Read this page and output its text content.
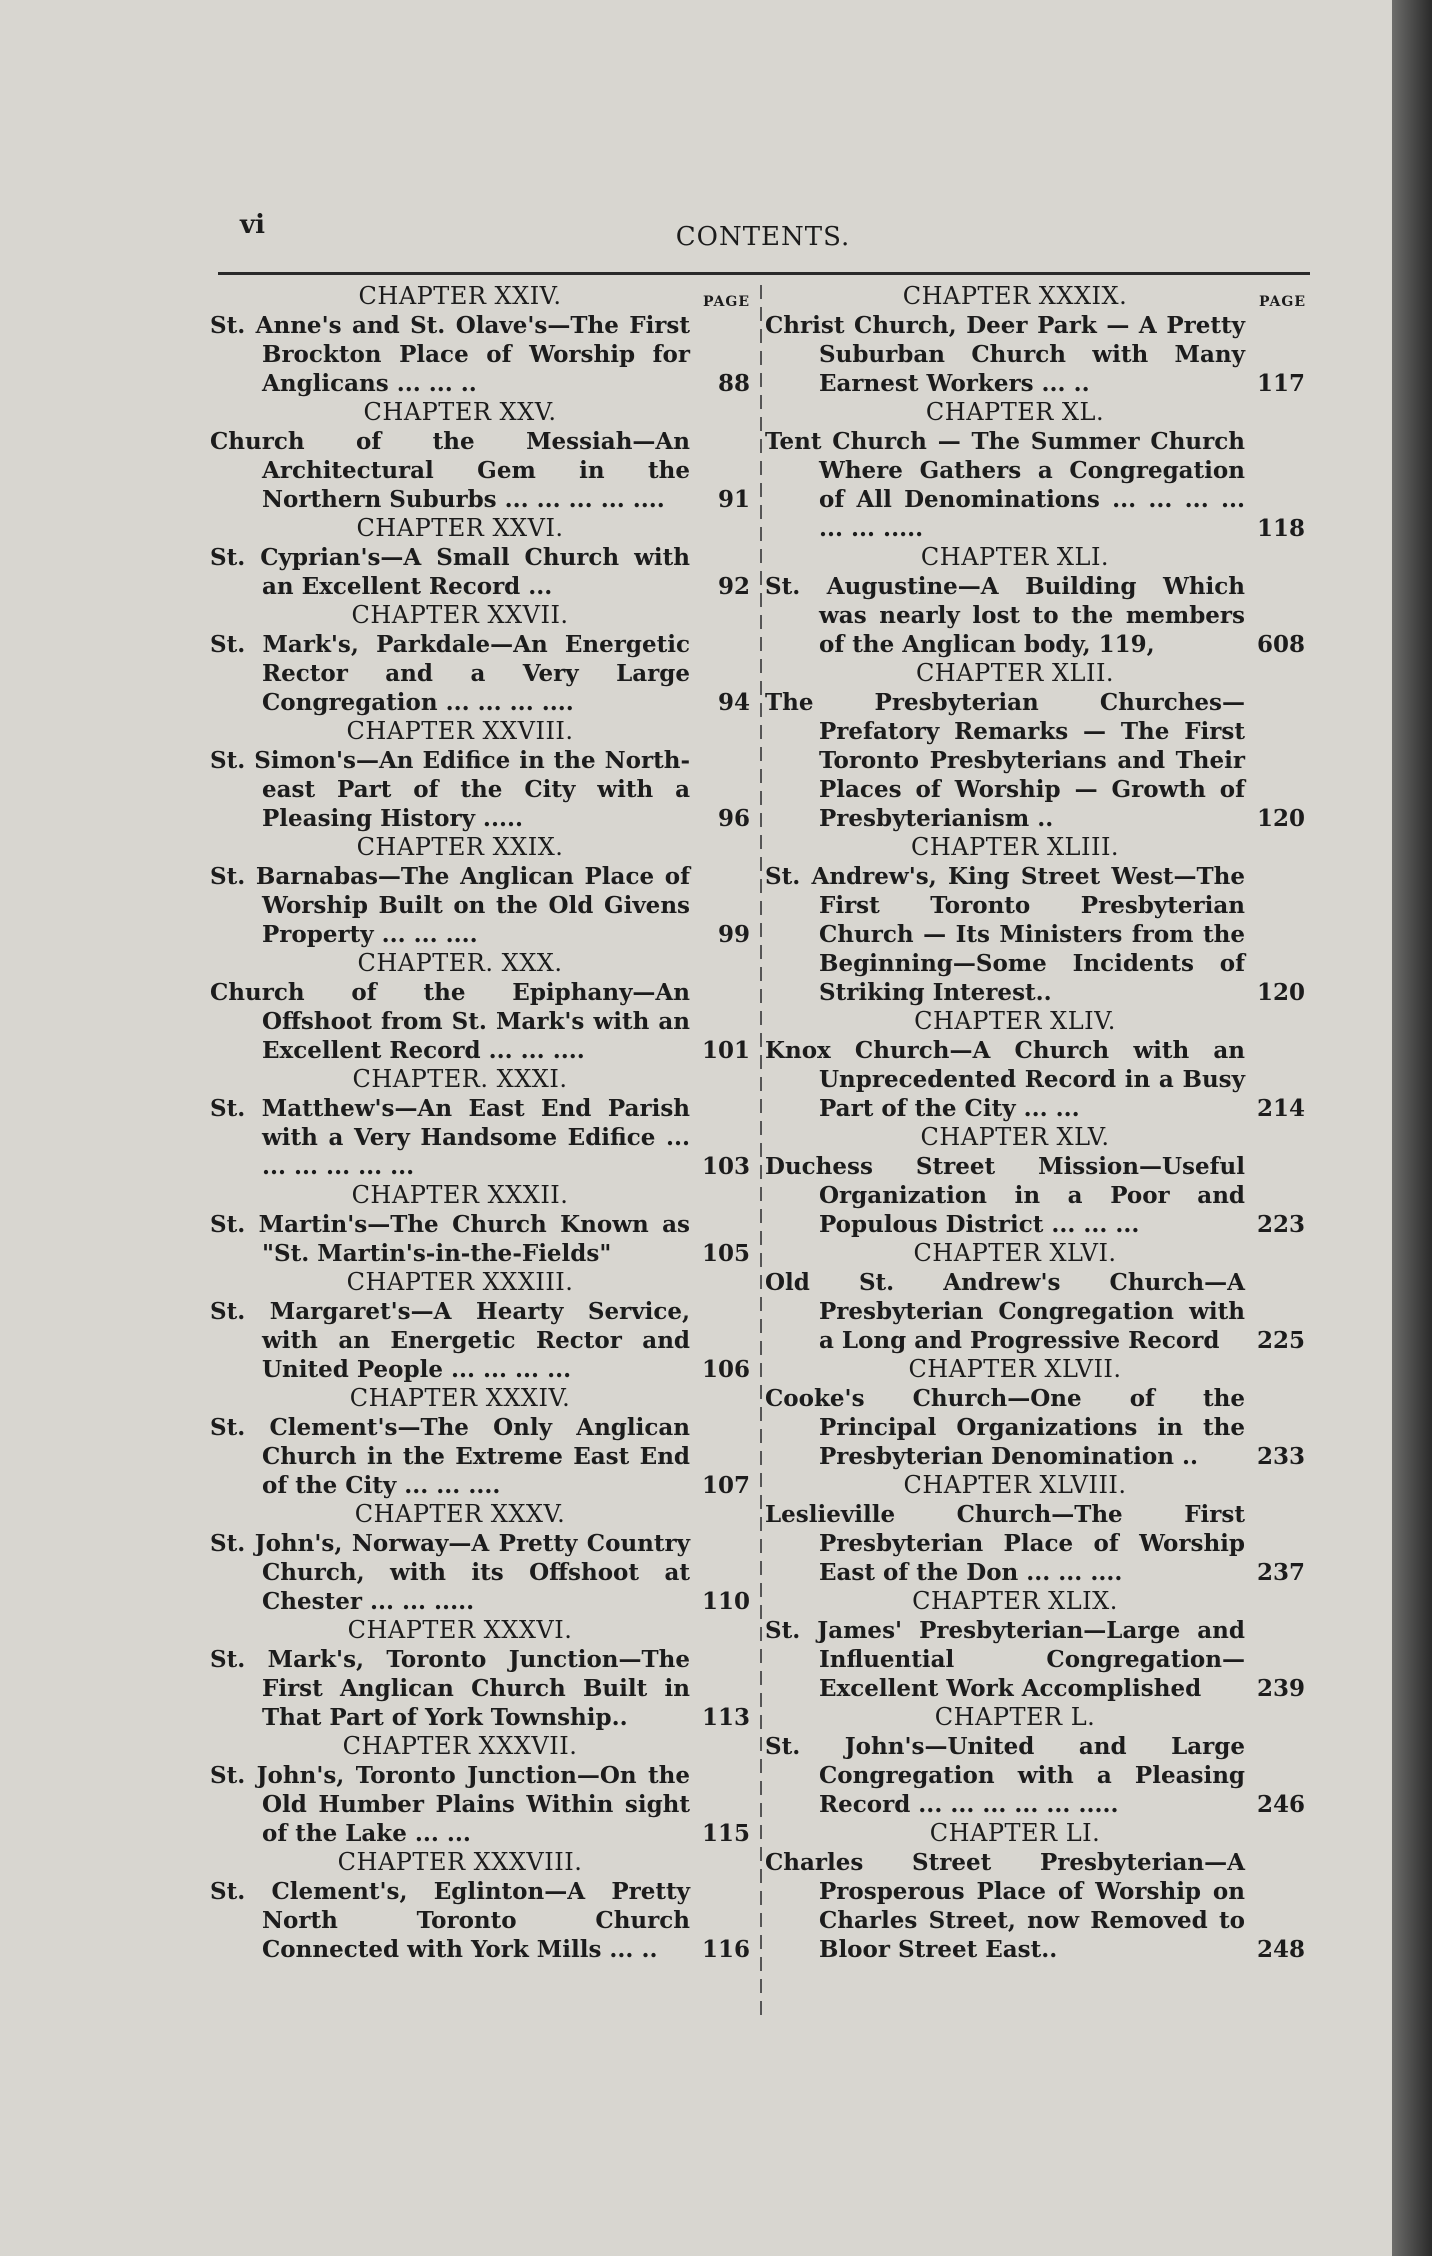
vi	CONTENTS.
PAGE
CHAPTER XXIV.
St. Anne's and St. Olave's—The First Brockton Place of Worship for Anglicans ... ... ..	88
CHAPTER XXV.
Church of the Messiah—An Architectural Gem in the Northern Suburbs ... ... ... ... ....	91
CHAPTER XXVI.
St. Cyprian's—A Small Church with an Excellent Record ...	92
CHAPTER XXVII.
St. Mark's, Parkdale—An Energetic Rector and a Very Large Congregation ... ... ... ....	94
CHAPTER XXVIII.
St. Simon's—An Edifice in the North-east Part of the City with a Pleasing History .....	96
CHAPTER XXIX.
St. Barnabas—The Anglican Place of Worship Built on the Old Givens Property ... ... ....	99
CHAPTER. XXX.
Church of the Epiphany—An Offshoot from St. Mark's with an Excellent Record ... ... ....	101
CHAPTER. XXXI.
St. Matthew's—An East End Parish with a Very Handsome Edifice ... ... ... ... ... ...	103
CHAPTER XXXII.
St. Martin's—The Church Known as "St. Martin's-in-the-Fields"	105
CHAPTER XXXIII.
St. Margaret's—A Hearty Service, with an Energetic Rector and United People ... ... ... ...	106
CHAPTER XXXIV.
St. Clement's—The Only Anglican Church in the Extreme East End of the City ... ... ....	107
CHAPTER XXXV.
St. John's, Norway—A Pretty Country Church, with its Offshoot at Chester ... ... .....	110
CHAPTER XXXVI.
St. Mark's, Toronto Junction—The First Anglican Church Built in That Part of York Township..	113
CHAPTER XXXVII.
St. John's, Toronto Junction—On the Old Humber Plains Within sight of the Lake ... ...	115
CHAPTER XXXVIII.
St. Clement's, Eglinton—A Pretty North Toronto Church Connected with York Mills ... ..	116
PAGE
CHAPTER XXXIX.
Christ Church, Deer Park — A Pretty Suburban Church with Many Earnest Workers ... ..	117
CHAPTER XL.
Tent Church — The Summer Church Where Gathers a Congregation of All Denominations ... ... ... ... ... ... .....	118
CHAPTER XLI.
St. Augustine—A Building Which was nearly lost to the members of the Anglican body, 119,	608
CHAPTER XLII.
The Presbyterian Churches—Prefatory Remarks — The First Toronto Presbyterians and Their Places of Worship — Growth of Presbyterianism ..	120
CHAPTER XLIII.
St. Andrew's, King Street West—The First Toronto Presbyterian Church — Its Ministers from the Beginning—Some Incidents of Striking Interest..	120
CHAPTER XLIV.
Knox Church—A Church with an Unprecedented Record in a Busy Part of the City ... ...	214
CHAPTER XLV.
Duchess Street Mission—Useful Organization in a Poor and Populous District ... ... ...	223
CHAPTER XLVI.
Old St. Andrew's Church—A Presbyterian Congregation with a Long and Progressive Record	225
CHAPTER XLVII.
Cooke's Church—One of the Principal Organizations in the Presbyterian Denomination ..	233
CHAPTER XLVIII.
Leslieville Church—The First Presbyterian Place of Worship East of the Don ... ... ....	237
CHAPTER XLIX.
St. James' Presbyterian—Large and Influential Congregation—Excellent Work Accomplished	239
CHAPTER L.
St. John's—United and Large Congregation with a Pleasing Record ... ... ... ... ... .....	246
CHAPTER LI.
Charles Street Presbyterian—A Prosperous Place of Worship on Charles Street, now Removed to Bloor Street East..	248
